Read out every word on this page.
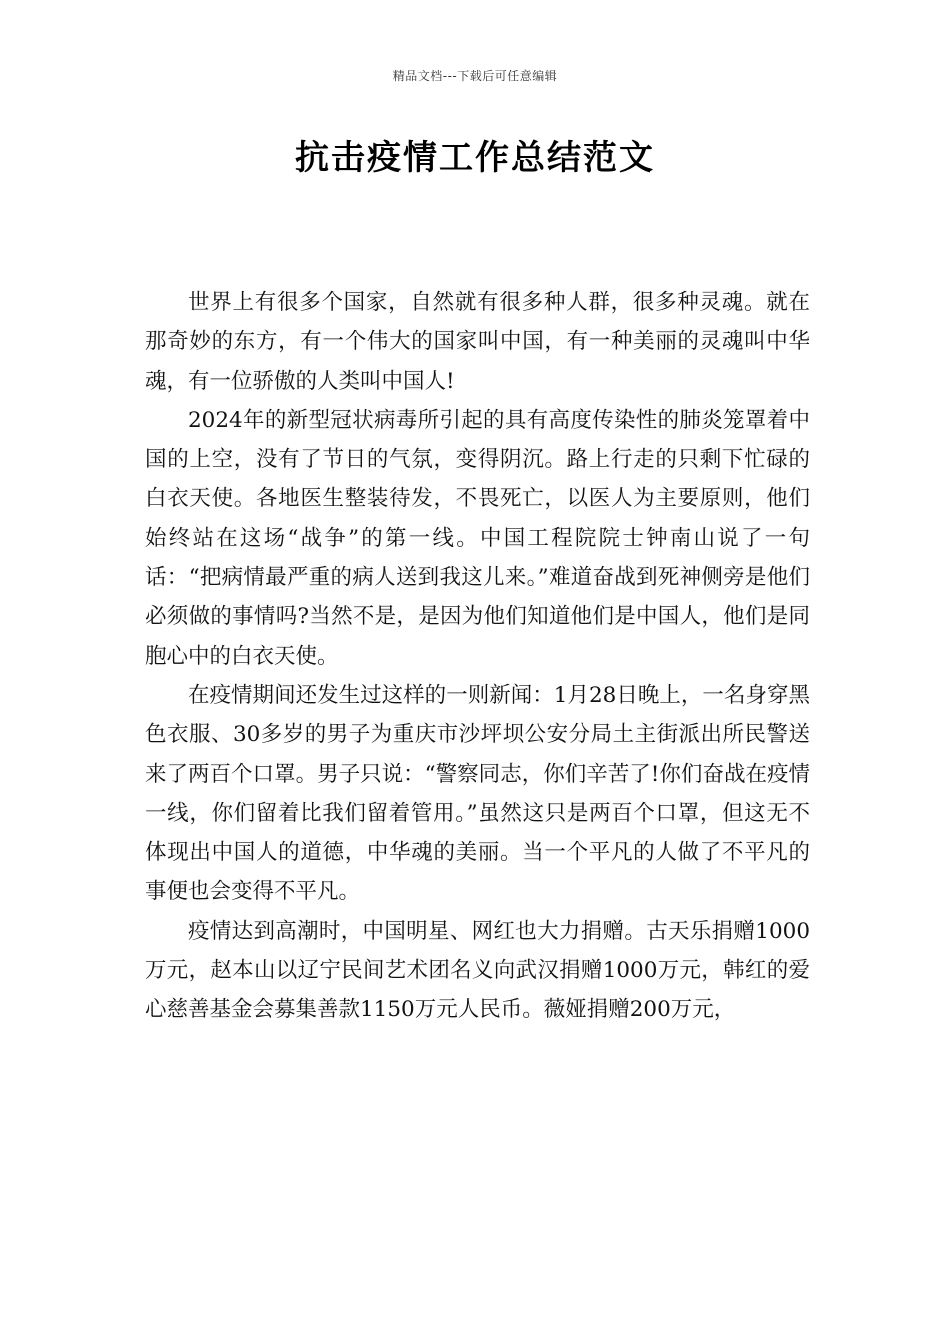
精品文档---下载后可任意编辑
抗击疫情工作总结范文

世界上有很多个国家，自然就有很多种人群，很多种灵魂。就在那奇妙的东方，有一个伟大的国家叫中国，有一种美丽的灵魂叫中华魂，有一位骄傲的人类叫中国人!

2024年的新型冠状病毒所引起的具有高度传染性的肺炎笼罩着中国的上空，没有了节日的气氛，变得阴沉。路上行走的只剩下忙碌的白衣天使。各地医生整装待发，不畏死亡，以医人为主要原则，他们始终站在这场“战争”的第一线。中国工程院院士钟南山说了一句话：“把病情最严重的病人送到我这儿来。”难道奋战到死神侧旁是他们必须做的事情吗?当然不是，是因为他们知道他们是中国人，他们是同胞心中的白衣天使。

在疫情期间还发生过这样的一则新闻：1月28日晚上，一名身穿黑色衣服、30多岁的男子为重庆市沙坪坝公安分局土主街派出所民警送来了两百个口罩。男子只说：“警察同志，你们辛苦了!你们奋战在疫情一线，你们留着比我们留着管用。”虽然这只是两百个口罩，但这无不体现出中国人的道德，中华魂的美丽。当一个平凡的人做了不平凡的事便也会变得不平凡。

疫情达到高潮时，中国明星、网红也大力捐赠。古天乐捐赠1000万元，赵本山以辽宁民间艺术团名义向武汉捐赠1000万元，韩红的爱心慈善基金会募集善款1150万元人民币。薇娅捐赠200万元，
